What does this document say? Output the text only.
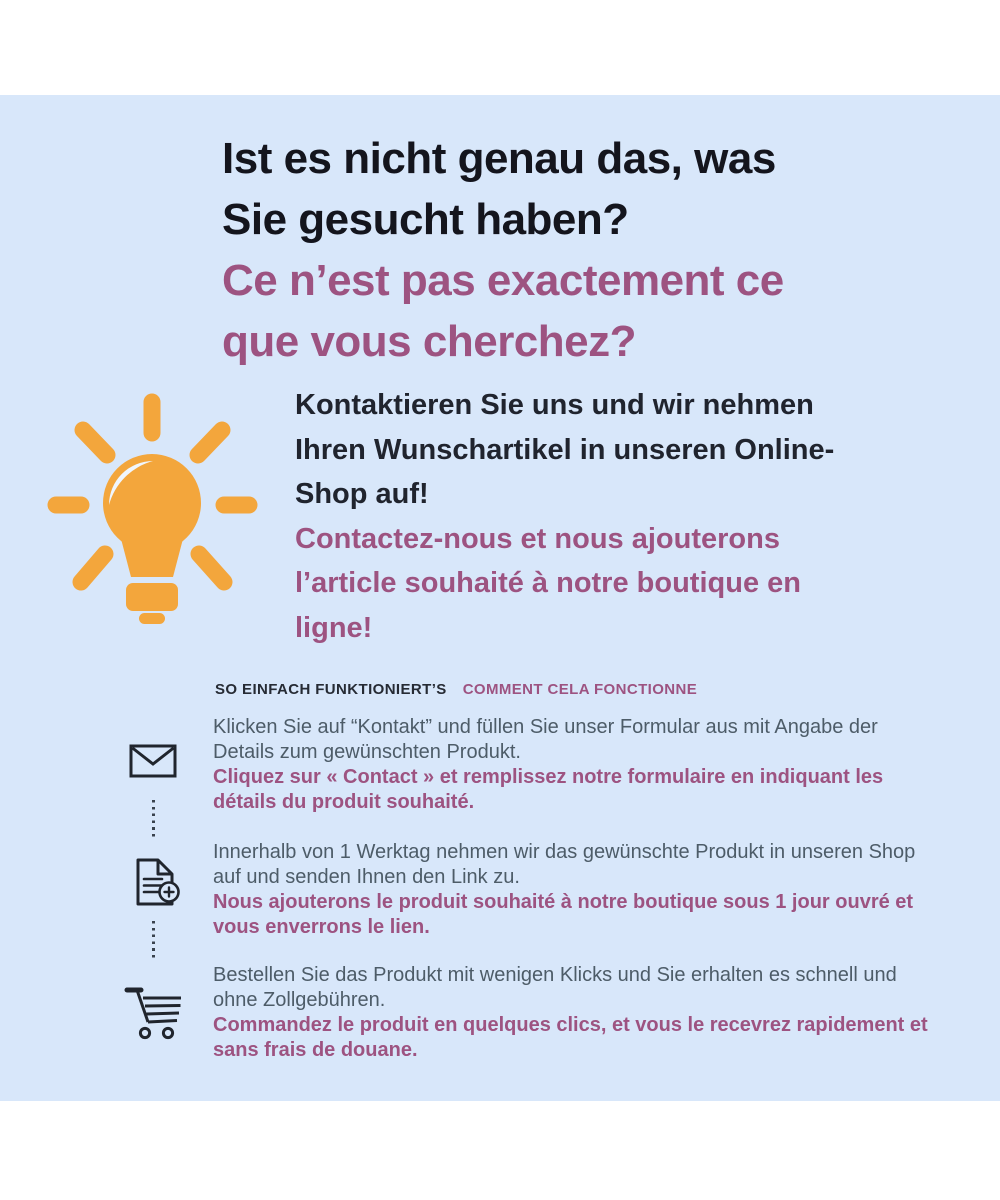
Ist es nicht genau das, was
Sie gesucht haben?
Ce n’est pas exactement ce
que vous cherchez?
Kontaktieren Sie uns und wir nehmen Ihren Wunschartikel in unseren Online-Shop auf!
Contactez-nous et nous ajouterons l’article souhaité à notre boutique en ligne!
SO EINFACH FUNKTIONIERT’S COMMENT CELA FONCTIONNE
Klicken Sie auf “Kontakt” und füllen Sie unser Formular aus mit Angabe der Details zum gewünschten Produkt.
Cliquez sur « Contact » et remplissez notre formulaire en indiquant les détails du produit souhaité.
Innerhalb von 1 Werktag nehmen wir das gewünschte Produkt in unseren Shop auf und senden Ihnen den Link zu.
Nous ajouterons le produit souhaité à notre boutique sous 1 jour ouvré et vous enverrons le lien.
Bestellen Sie das Produkt mit wenigen Klicks und Sie erhalten es schnell und ohne Zollgebühren.
Commandez le produit en quelques clics, et vous le recevrez rapidement et sans frais de douane.
